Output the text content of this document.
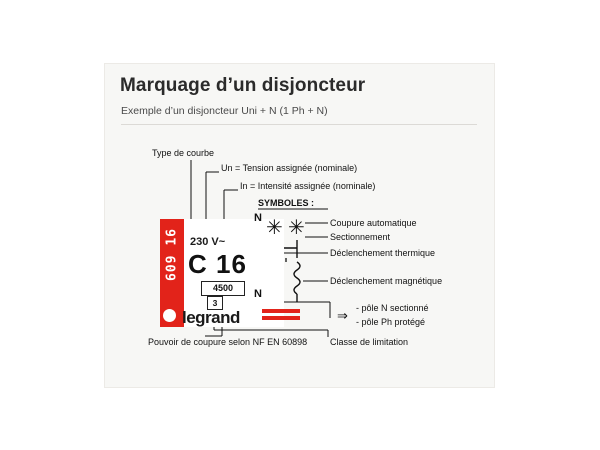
Marquage d’un disjoncteur
Exemple d’un disjoncteur Uni + N (1 Ph + N)
609 16 230 V~
C 16
4500
3
legrand
N
N
✳ ✳
⇒
Type de courbe
Un = Tension assignée (nominale)
In = Intensité assignée (nominale)
SYMBOLES :
Coupure automatique
Sectionnement
Déclenchement thermique
Déclenchement magnétique
- pôle N sectionné
- pôle Ph protégé
Pouvoir de coupure selon NF EN 60898	Classe de limitation
